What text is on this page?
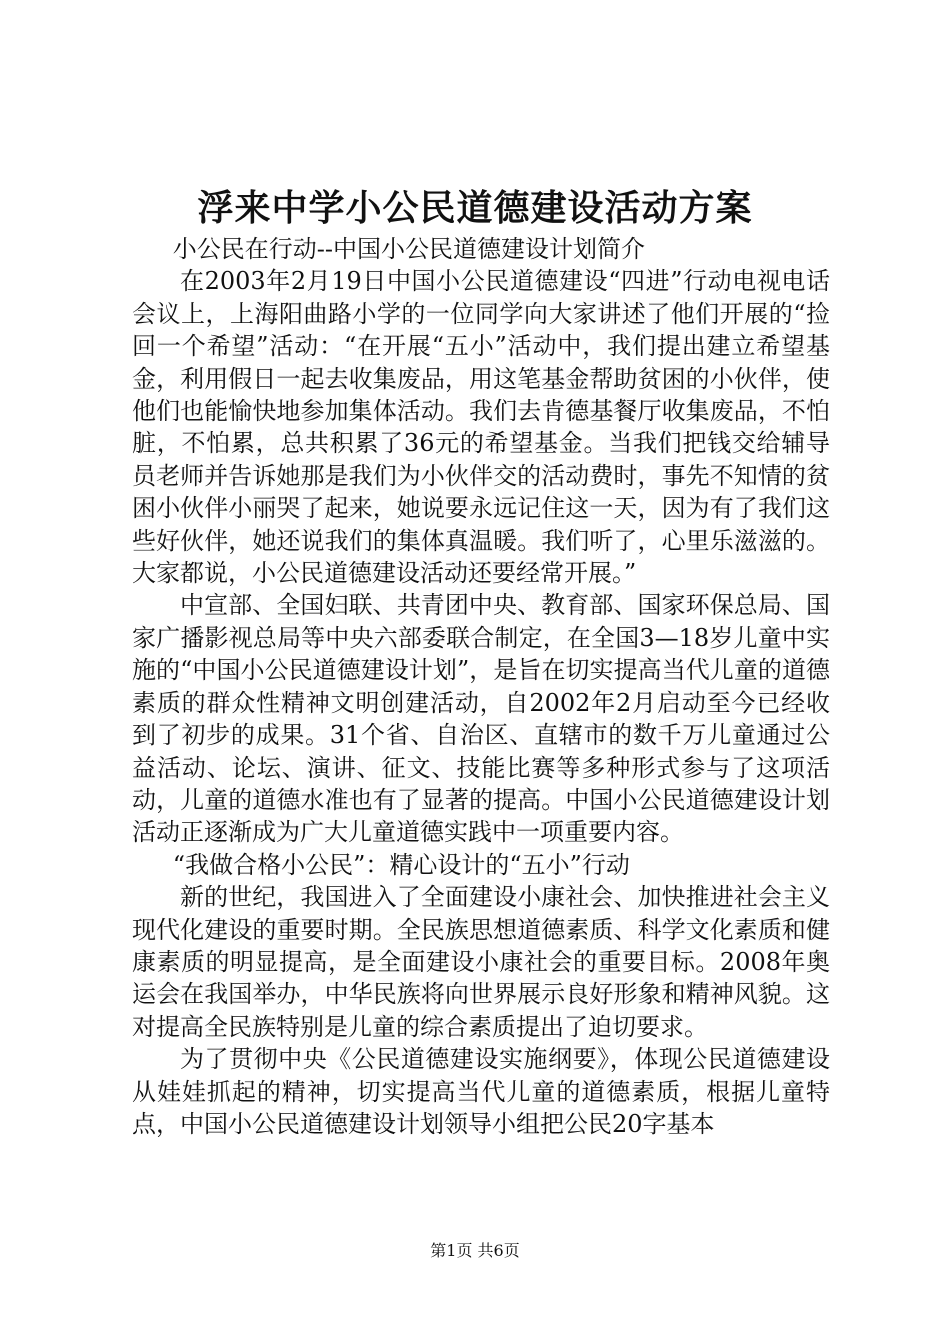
浮来中学小公民道德建设活动方案

小公民在行动--中国小公民道德建设计划简介

在2003年2月19日中国小公民道德建设“四进”行动电视电话会议上，上海阳曲路小学的一位同学向大家讲述了他们开展的“捡回一个希望”活动：“在开展“五小”活动中，我们提出建立希望基金，利用假日一起去收集废品，用这笔基金帮助贫困的小伙伴，使他们也能愉快地参加集体活动。我们去肯德基餐厅收集废品，不怕脏，不怕累，总共积累了36元的希望基金。当我们把钱交给辅导员老师并告诉她那是我们为小伙伴交的活动费时，事先不知情的贫困小伙伴小丽哭了起来，她说要永远记住这一天，因为有了我们这些好伙伴，她还说我们的集体真温暖。我们听了，心里乐滋滋的。大家都说，小公民道德建设活动还要经常开展。”

中宣部、全国妇联、共青团中央、教育部、国家环保总局、国家广播影视总局等中央六部委联合制定，在全国3—18岁儿童中实施的“中国小公民道德建设计划”，是旨在切实提高当代儿童的道德素质的群众性精神文明创建活动，自2002年2月启动至今已经收到了初步的成果。31个省、自治区、直辖市的数千万儿童通过公益活动、论坛、演讲、征文、技能比赛等多种形式参与了这项活动，儿童的道德水准也有了显著的提高。中国小公民道德建设计划活动正逐渐成为广大儿童道德实践中一项重要内容。

“我做合格小公民”：精心设计的“五小”行动

新的世纪，我国进入了全面建设小康社会、加快推进社会主义现代化建设的重要时期。全民族思想道德素质、科学文化素质和健康素质的明显提高，是全面建设小康社会的重要目标。2008年奥运会在我国举办，中华民族将向世界展示良好形象和精神风貌。这对提高全民族特别是儿童的综合素质提出了迫切要求。

为了贯彻中央《公民道德建设实施纲要》，体现公民道德建设从娃娃抓起的精神，切实提高当代儿童的道德素质，根据儿童特点，中国小公民道德建设计划领导小组把公民20字基本

第1页 共6页
